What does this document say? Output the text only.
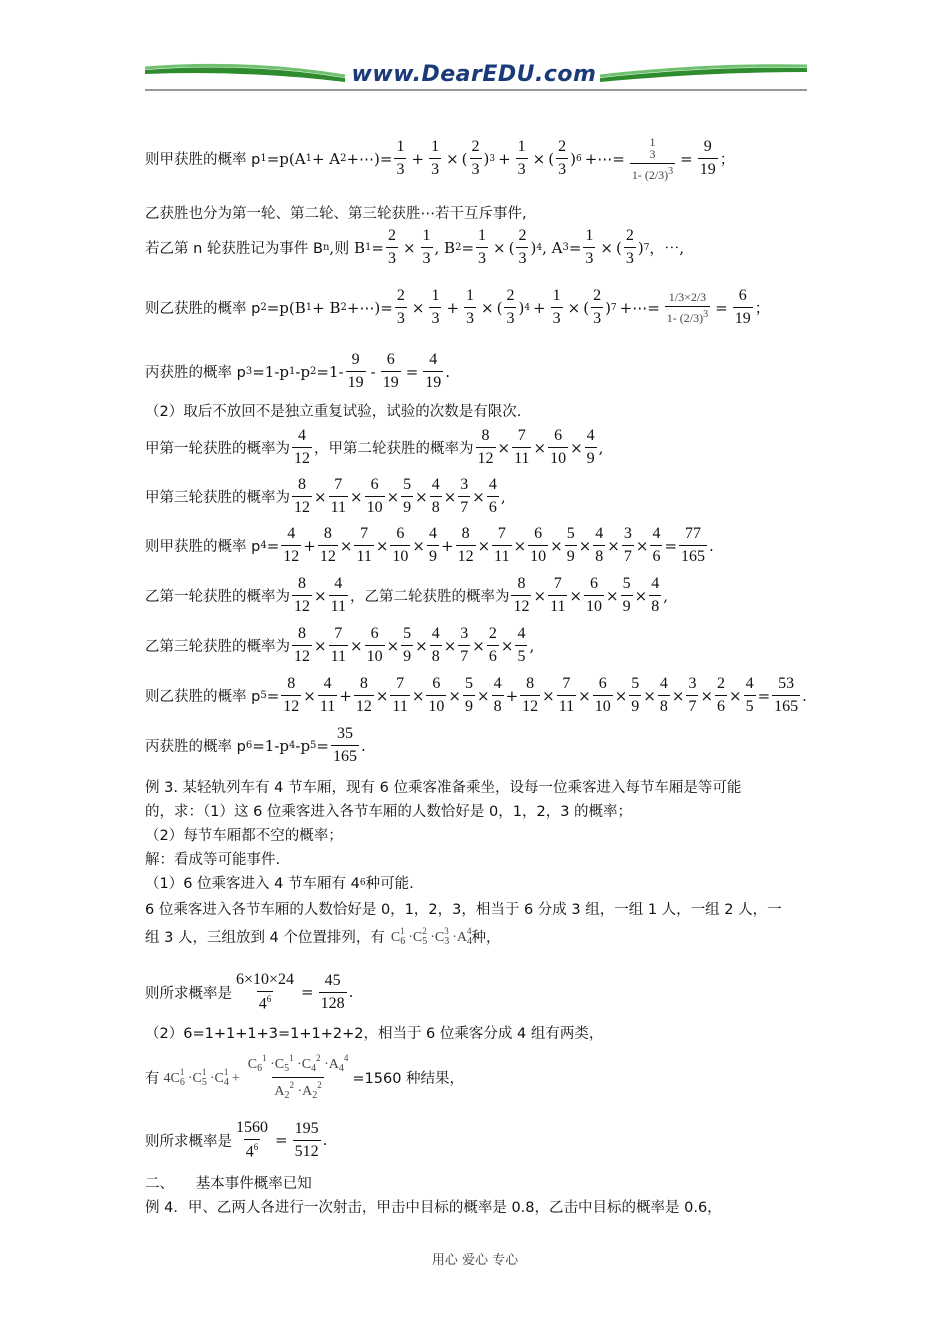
www.DearEDU.com
则甲获胜的概率 p 1 =p(A 1 + A 2 +⋯)= $\frac{1}{3} + \frac{1}{3}$ × ( $\frac{2}{3}$ ) $3 + \frac{1}{3}$ × ( $\frac{2}{3}$ ) 6 +⋯=
1
3
1- $(2/3)^3$
= $\frac{9}{19}$ ；
乙获胜也分为第一轮、第二轮、第三轮获胜⋯若干互斥事件,
若乙第 n 轮获胜记为事件 B n ,则 B $1 = \frac{2}{3} \times \frac{1}{3}$ , B $2 = \frac{1}{3}$ × ( $\frac{2}{3}$ ) 4 , A $3 = \frac{1}{3}$ × ( $\frac{2}{3}$ ) 7 ，⋯,
则乙获胜的概率 p 2 =p(B 1 + B 2 +⋯)= $\frac{2}{3} \times \frac{1}{3} + \frac{1}{3}$ × ( $\frac{2}{3}$ ) $4 + \frac{1}{3}$ × ( $\frac{2}{3}$ ) 7 +⋯= $\frac{1/3\times 2/3}{1- (2/3)^3} = \frac{6}{19}$ ；
丙获胜的概率 p 3 =1-p 1 -p $2 =1- \frac{9}{19} - \frac{6}{19} = \frac{4}{19}$ .
（2）取后不放回不是独立重复试验，试验的次数是有限次.
甲第一轮获胜的概率为 $\frac{4}{12}$ ，甲第二轮获胜的概率为 $\frac{8}{12} \times \frac{7}{11} \times \frac{6}{10} \times \frac{4}{9}$ ,
甲第三轮获胜的概率为 $\frac{8}{12} \times \frac{7}{11} \times \frac{6}{10} \times \frac{5}{9} \times \frac{4}{8} \times \frac{3}{7} \times \frac{4}{6}$ ,
则甲获胜的概率 p $4 = \frac{4}{12} + \frac{8}{12} \times \frac{7}{11} \times \frac{6}{10} \times \frac{4}{9} + \frac{8}{12} \times \frac{7}{11} \times \frac{6}{10} \times \frac{5}{9} \times \frac{4}{8} \times \frac{3}{7} \times \frac{4}{6} = \frac{77}{165}$ .
乙第一轮获胜的概率为 $\frac{8}{12} \times \frac{4}{11}$ ，乙第二轮获胜的概率为 $\frac{8}{12} \times \frac{7}{11} \times \frac{6}{10} \times \frac{5}{9} \times \frac{4}{8}$ ,
乙第三轮获胜的概率为 $\frac{8}{12} \times \frac{7}{11} \times \frac{6}{10} \times \frac{5}{9} \times \frac{4}{8} \times \frac{3}{7} \times \frac{2}{6} \times \frac{4}{5}$ ,
则乙获胜的概率 p $5 = \frac{8}{12} \times \frac{4}{11} + \frac{8}{12} \times \frac{7}{11} \times \frac{6}{10} \times \frac{5}{9} \times \frac{4}{8} + \frac{8}{12} \times \frac{7}{11} \times \frac{6}{10} \times \frac{5}{9} \times \frac{4}{8} \times \frac{3}{7} \times \frac{2}{6} \times \frac{4}{5} = \frac{53}{165}$ .
丙获胜的概率 p 6 =1-p 4 -p $5 = \frac{35}{165}$ .
例 3. 某轻轨列车有 4 节车厢，现有 6 位乘客准备乘坐，设每一位乘客进入每节车厢是等可能
的，求：（1）这 6 位乘客进入各节车厢的人数恰好是 0，1，2，3 的概率；
（2）每节车厢都不空的概率；
解：看成等可能事件.
（1）6 位乘客进入 4 节车厢有 4 6 种可能.
6 位乘客进入各节车厢的人数恰好是 0，1，2，3，相当于 6 分成 3 组，一组 1 人，一组 2 人，一
组 3 人，三组放到 4 个位置排列，有 $C_6^1 \cdot C_5^2 \cdot C_3^3 \cdot A_4^4$ 种，
则所求概率是 $\frac{6\times 10\times 24}{4^6} = \frac{45}{128}$ .
（2）6=1+1+1+3=1+1+2+2，相当于 6 位乘客分成 4 组有两类，
有 $4C_6^1 \cdot C_5^1 \cdot C_4^1 + \frac{C_6^1 \cdot C_5^1 \cdot C_4^2 \cdot A_4^4}{A_2^2 \cdot A_2^2} =1560$ 种结果，
则所求概率是 $\frac{1560}{4^6} = \frac{195}{512}$ .
二、　　基本事件概率已知
例 4．甲、乙两人各进行一次射击，甲击中目标的概率是 0.8，乙击中目标的概率是 0.6，
用心 爱心 专心
